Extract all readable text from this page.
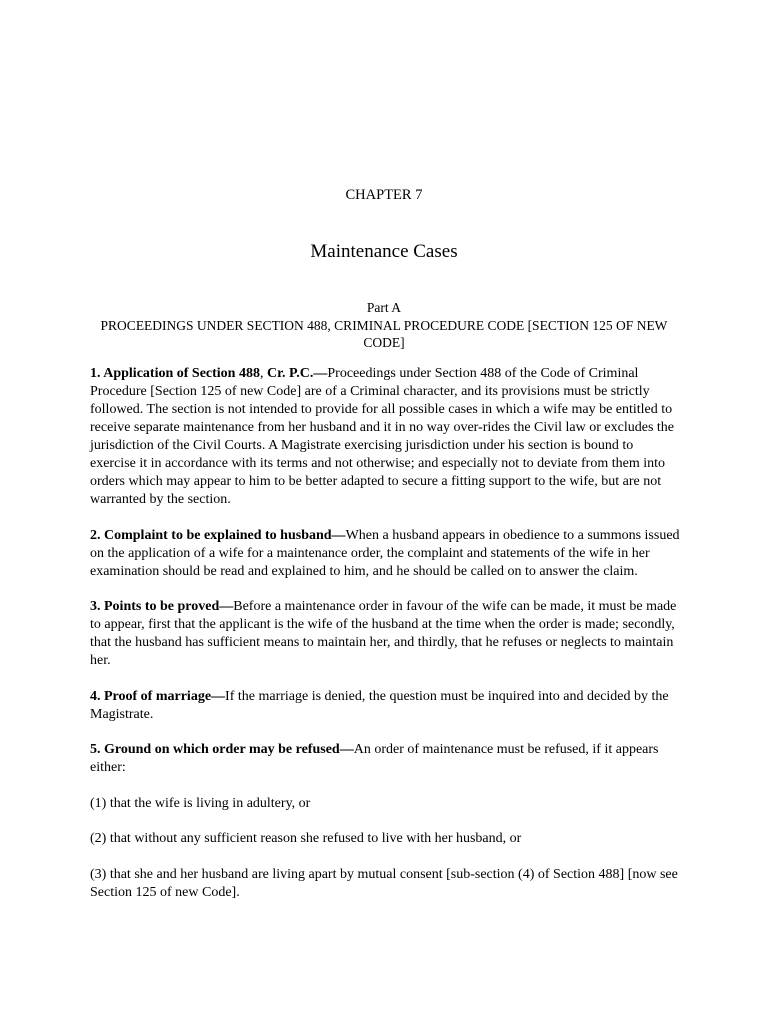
CHAPTER 7

Maintenance Cases

Part A

PROCEEDINGS UNDER SECTION 488, CRIMINAL PROCEDURE CODE [SECTION 125 OF NEW CODE]

1. Application of Section 488, Cr. P.C.—Proceedings under Section 488 of the Code of Criminal Procedure [Section 125 of new Code] are of a Criminal character, and its provisions must be strictly followed. The section is not intended to provide for all possible cases in which a wife may be entitled to receive separate maintenance from her husband and it in no way over-rides the Civil law or excludes the jurisdiction of the Civil Courts. A Magistrate exercising jurisdiction under his section is bound to exercise it in accordance with its terms and not otherwise; and especially not to deviate from them into orders which may appear to him to be better adapted to secure a fitting support to the wife, but are not warranted by the section.

2. Complaint to be explained to husband—When a husband appears in obedience to a summons issued on the application of a wife for a maintenance order, the complaint and statements of the wife in her examination should be read and explained to him, and he should be called on to answer the claim.

3. Points to be proved—Before a maintenance order in favour of the wife can be made, it must be made to appear, first that the applicant is the wife of the husband at the time when the order is made; secondly, that the husband has sufficient means to maintain her, and thirdly, that he refuses or neglects to maintain her.

4. Proof of marriage—If the marriage is denied, the question must be inquired into and decided by the Magistrate.

5. Ground on which order may be refused—An order of maintenance must be refused, if it appears either:

(1) that the wife is living in adultery, or

(2) that without any sufficient reason she refused to live with her husband, or

(3) that she and her husband are living apart by mutual consent [sub-section (4) of Section 488] [now see Section 125 of new Code].
